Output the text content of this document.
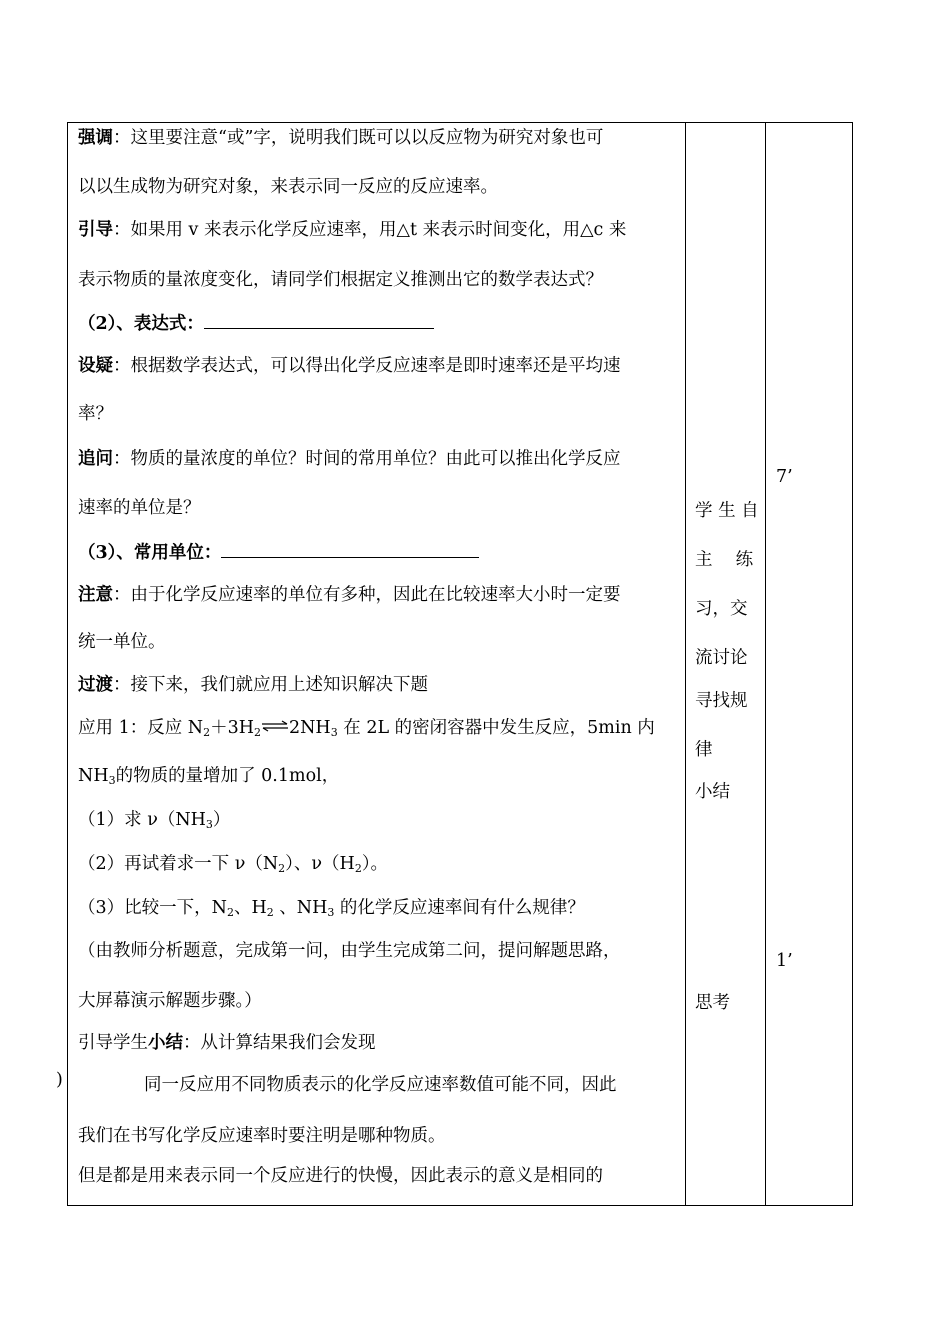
强调：这里要注意“或”字，说明我们既可以以反应物为研究对象也可
以以生成物为研究对象，来表示同一反应的反应速率。
引导：如果用 v 来表示化学反应速率，用△t 来表示时间变化，用△c 来
表示物质的量浓度变化，请同学们根据定义推测出它的数学表达式？
（2）、表达式：
设疑：根据数学表达式，可以得出化学反应速率是即时速率还是平均速
率？
追问：物质的量浓度的单位？时间的常用单位？由此可以推出化学反应
速率的单位是？
（3）、常用单位：
注意：由于化学反应速率的单位有多种，因此在比较速率大小时一定要
统一单位。
过渡：接下来，我们就应用上述知识解决下题
应用 1：反应 $N_2+3H_2\rightleftharpoons 2NH_3$ 在 2L 的密闭容器中发生反应，5min 内
$NH_3$的物质的量增加了 0.1mol，
（1）求 $\nu(NH_3)$
（2）再试着求一下 $\nu(N_2)$、$\nu(H_2)$。
（3）比较一下，$N_2$、$H_2$ 、$NH_3$ 的化学反应速率间有什么规律？
（由教师分析题意，完成第一问，由学生完成第二问，提问解题思路，
大屏幕演示解题步骤。）
引导学生小结：从计算结果我们会发现
同一反应用不同物质表示的化学反应速率数值可能不同，因此
我们在书写化学反应速率时要注明是哪种物质。
但是都是用来表示同一个反应进行的快慢，因此表示的意义是相同的
学 生 自
主　 练
习，交
流讨论
寻找规
律
小结
思考
7’
1’
)
